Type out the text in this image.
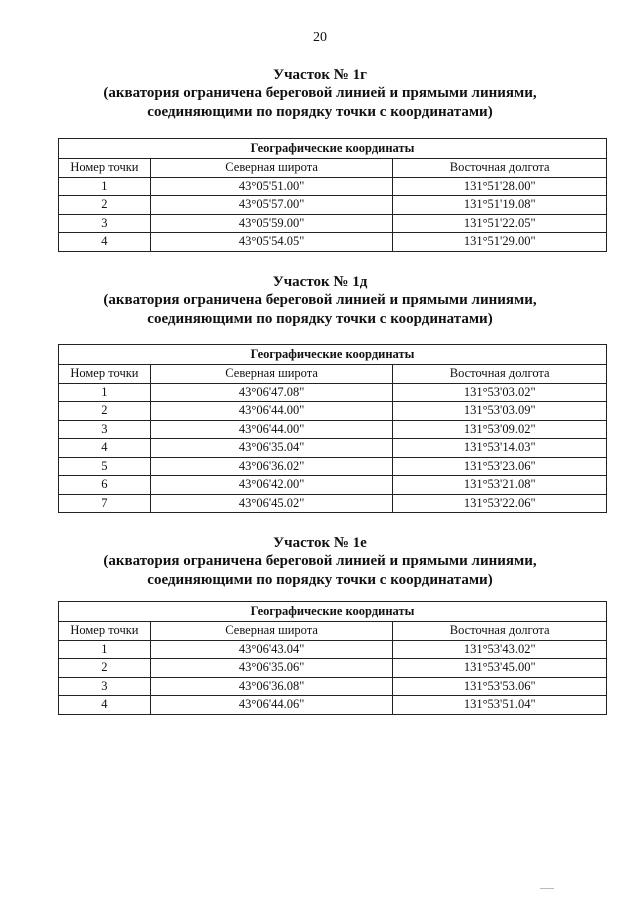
20
Участок № 1г
(акватория ограничена береговой линией и прямыми линиями,
соединяющими по порядку точки с координатами)
Географические координаты		
Номер точки	Северная широта	Восточная долгота
1	43°05'51.00"	131°51'28.00"
2	43°05'57.00"	131°51'19.08"
3	43°05'59.00"	131°51'22.05"
4	43°05'54.05"	131°51'29.00"
Участок № 1д
(акватория ограничена береговой линией и прямыми линиями,
соединяющими по порядку точки с координатами)
Географические координаты		
Номер точки	Северная широта	Восточная долгота
1	43°06'47.08"	131°53'03.02"
2	43°06'44.00"	131°53'03.09"
3	43°06'44.00"	131°53'09.02"
4	43°06'35.04"	131°53'14.03"
5	43°06'36.02"	131°53'23.06"
6	43°06'42.00"	131°53'21.08"
7	43°06'45.02"	131°53'22.06"
Участок № 1е
(акватория ограничена береговой линией и прямыми линиями,
соединяющими по порядку точки с координатами)
Географические координаты		
Номер точки	Северная широта	Восточная долгота
1	43°06'43.04"	131°53'43.02"
2	43°06'35.06"	131°53'45.00"
3	43°06'36.08"	131°53'53.06"
4	43°06'44.06"	131°53'51.04"
